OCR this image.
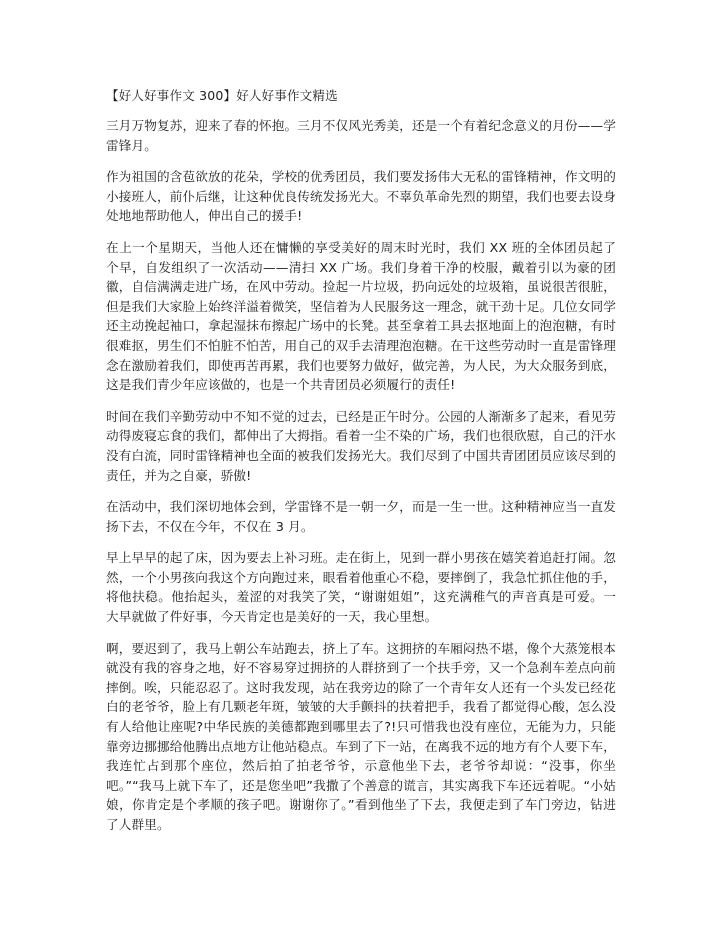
【好人好事作文 300】好人好事作文精选

三月万物复苏，迎来了春的怀抱。三月不仅风光秀美，还是一个有着纪念意义的月份——学雷锋月。

作为祖国的含苞欲放的花朵，学校的优秀团员，我们要发扬伟大无私的雷锋精神，作文明的小接班人，前仆后继，让这种优良传统发扬光大。不辜负革命先烈的期望，我们也要去设身处地地帮助他人，伸出自己的援手!

在上一个星期天，当他人还在慵懒的享受美好的周末时光时，我们 XX 班的全体团员起了个早，自发组织了一次活动——清扫 XX 广场。我们身着干净的校服，戴着引以为豪的团徽，自信满满走进广场，在风中劳动。捡起一片垃圾，扔向远处的垃圾箱，虽说很苦很脏，但是我们大家脸上始终洋溢着微笑，坚信着为人民服务这一理念，就干劲十足。几位女同学还主动挽起袖口，拿起湿抹布擦起广场中的长凳。甚至拿着工具去抠地面上的泡泡糖，有时很难抠，男生们不怕脏不怕苦，用自己的双手去清理泡泡糖。在干这些劳动时一直是雷锋理念在激励着我们，即使再苦再累，我们也要努力做好，做完善，为人民，为大众服务到底，这是我们青少年应该做的，也是一个共青团员必须履行的责任!

时间在我们辛勤劳动中不知不觉的过去，已经是正午时分。公园的人渐渐多了起来，看见劳动得废寝忘食的我们，都伸出了大拇指。看着一尘不染的广场，我们也很欣慰，自己的汗水没有白流，同时雷锋精神也全面的被我们发扬光大。我们尽到了中国共青团团员应该尽到的责任，并为之自豪，骄傲!

在活动中，我们深切地体会到，学雷锋不是一朝一夕，而是一生一世。这种精神应当一直发扬下去，不仅在今年，不仅在 3 月。

早上早早的起了床，因为要去上补习班。走在街上，见到一群小男孩在嬉笑着追赶打闹。忽然，一个小男孩向我这个方向跑过来，眼看着他重心不稳，要摔倒了，我急忙抓住他的手，将他扶稳。他抬起头，羞涩的对我笑了笑，“谢谢姐姐”，这充满稚气的声音真是可爱。一大早就做了件好事，今天肯定也是美好的一天，我心里想。

啊，要迟到了，我马上朝公车站跑去，挤上了车。这拥挤的车厢闷热不堪，像个大蒸笼根本就没有我的容身之地，好不容易穿过拥挤的人群挤到了一个扶手旁，又一个急刹车差点向前摔倒。唉，只能忍忍了。这时我发现，站在我旁边的除了一个青年女人还有一个头发已经花白的老爷爷，脸上有几颗老年斑，皱皱的大手颤抖的扶着把手，我看了都觉得心酸，怎么没有人给他让座呢?中华民族的美德都跑到哪里去了?!只可惜我也没有座位，无能为力，只能靠旁边挪挪给他腾出点地方让他站稳点。车到了下一站，在离我不远的地方有个人要下车，我连忙占到那个座位，然后拍了拍老爷爷，示意他坐下去，老爷爷却说：“没事，你坐吧。”“我马上就下车了，还是您坐吧”我撒了个善意的谎言，其实离我下车还远着呢。“小姑娘，你肯定是个孝顺的孩子吧。谢谢你了。”看到他坐了下去，我便走到了车门旁边，钻进了人群里。
